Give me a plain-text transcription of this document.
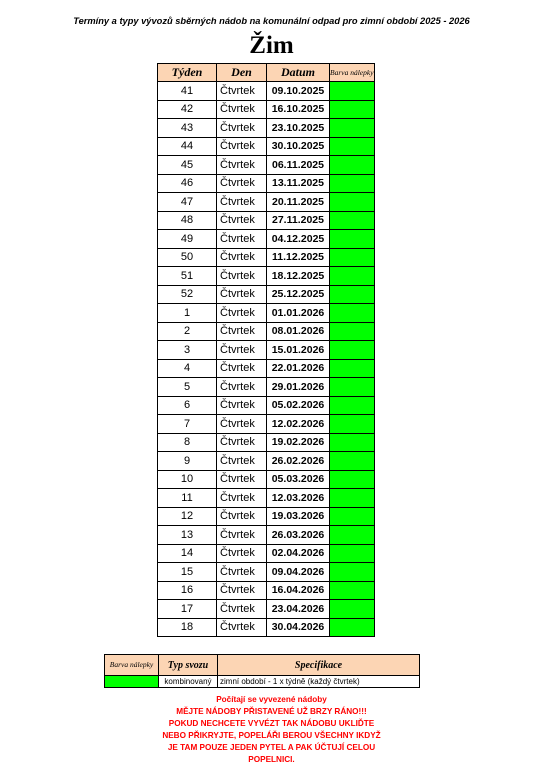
Termíny a typy vývozů sběrných nádob na komunální odpad pro zimní období 2025 - 2026
Žim
Týden	Den	Datum	Barva nálepky
41	Čtvrtek	09.10.2025	
42	Čtvrtek	16.10.2025	
43	Čtvrtek	23.10.2025	
44	Čtvrtek	30.10.2025	
45	Čtvrtek	06.11.2025	
46	Čtvrtek	13.11.2025	
47	Čtvrtek	20.11.2025	
48	Čtvrtek	27.11.2025	
49	Čtvrtek	04.12.2025	
50	Čtvrtek	11.12.2025	
51	Čtvrtek	18.12.2025	
52	Čtvrtek	25.12.2025	
1	Čtvrtek	01.01.2026	
2	Čtvrtek	08.01.2026	
3	Čtvrtek	15.01.2026	
4	Čtvrtek	22.01.2026	
5	Čtvrtek	29.01.2026	
6	Čtvrtek	05.02.2026	
7	Čtvrtek	12.02.2026	
8	Čtvrtek	19.02.2026	
9	Čtvrtek	26.02.2026	
10	Čtvrtek	05.03.2026	
11	Čtvrtek	12.03.2026	
12	Čtvrtek	19.03.2026	
13	Čtvrtek	26.03.2026	
14	Čtvrtek	02.04.2026	
15	Čtvrtek	09.04.2026	
16	Čtvrtek	16.04.2026	
17	Čtvrtek	23.04.2026	
18	Čtvrtek	30.04.2026	
Barva nálepky	Typ svozu	Specifikace
	kombinovaný	zimní období - 1 x týdně (každý čtvrtek)
Počítají se vyvezené nádoby
MĚJTE NÁDOBY PŘISTAVENÉ UŽ BRZY RÁNO!!!
POKUD NECHCETE VYVÉZT TAK NÁDOBU UKLIĎTE
NEBO PŘIKRYJTE, POPELÁŘI BEROU VŠECHNY IKDYŽ
JE TAM POUZE JEDEN PYTEL A PAK ÚČTUJÍ CELOU
POPELNICI.
